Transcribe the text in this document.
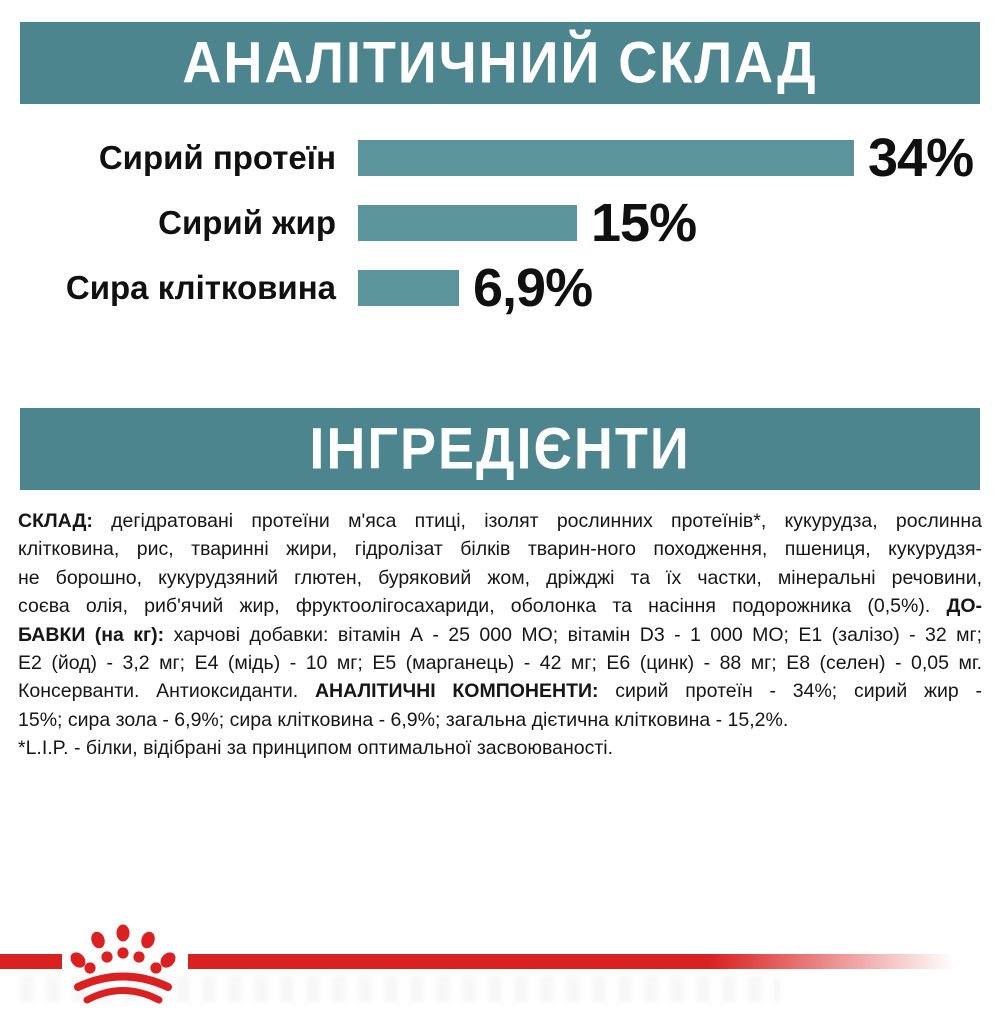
АНАЛІТИЧНИЙ СКЛАД
Сирий протеїн	34%
Сирий жир	15%
Сира клітковина	6,9%
ІНГРЕДІЄНТИ
СКЛАД: дегідратовані протеїни м'яса птиці, ізолят рослинних протеїнів*, кукурудза, рослинна
клітковина, рис, тваринні жири, гідролізат білків тварин-ного походження, пшениця, кукурудзя-
не борошно, кукурудзяний глютен, буряковий жом, дріжджі та їх частки, мінеральні речовини,
соєва олія, риб'ячий жир, фруктоолігосахариди, оболонка та насіння подорожника (0,5%). ДО-
БАВКИ (на кг): харчові добавки: вітамін А - 25 000 МО; вітамін D3 - 1 000 МО; Е1 (залізо) - 32 мг;
Е2 (йод) - 3,2 мг; Е4 (мідь) - 10 мг; Е5 (марганець) - 42 мг; Е6 (цинк) - 88 мг; Е8 (селен) - 0,05 мг.
Консерванти. Антиоксиданти. АНАЛІТИЧНІ КОМПОНЕНТИ: сирий протеїн - 34%; сирий жир -
15%; сира зола - 6,9%; сира клітковина - 6,9%; загальна дієтична клітковина - 15,2%.
*L.I.P. - білки, відібрані за принципом оптимальної засвоюваності.
